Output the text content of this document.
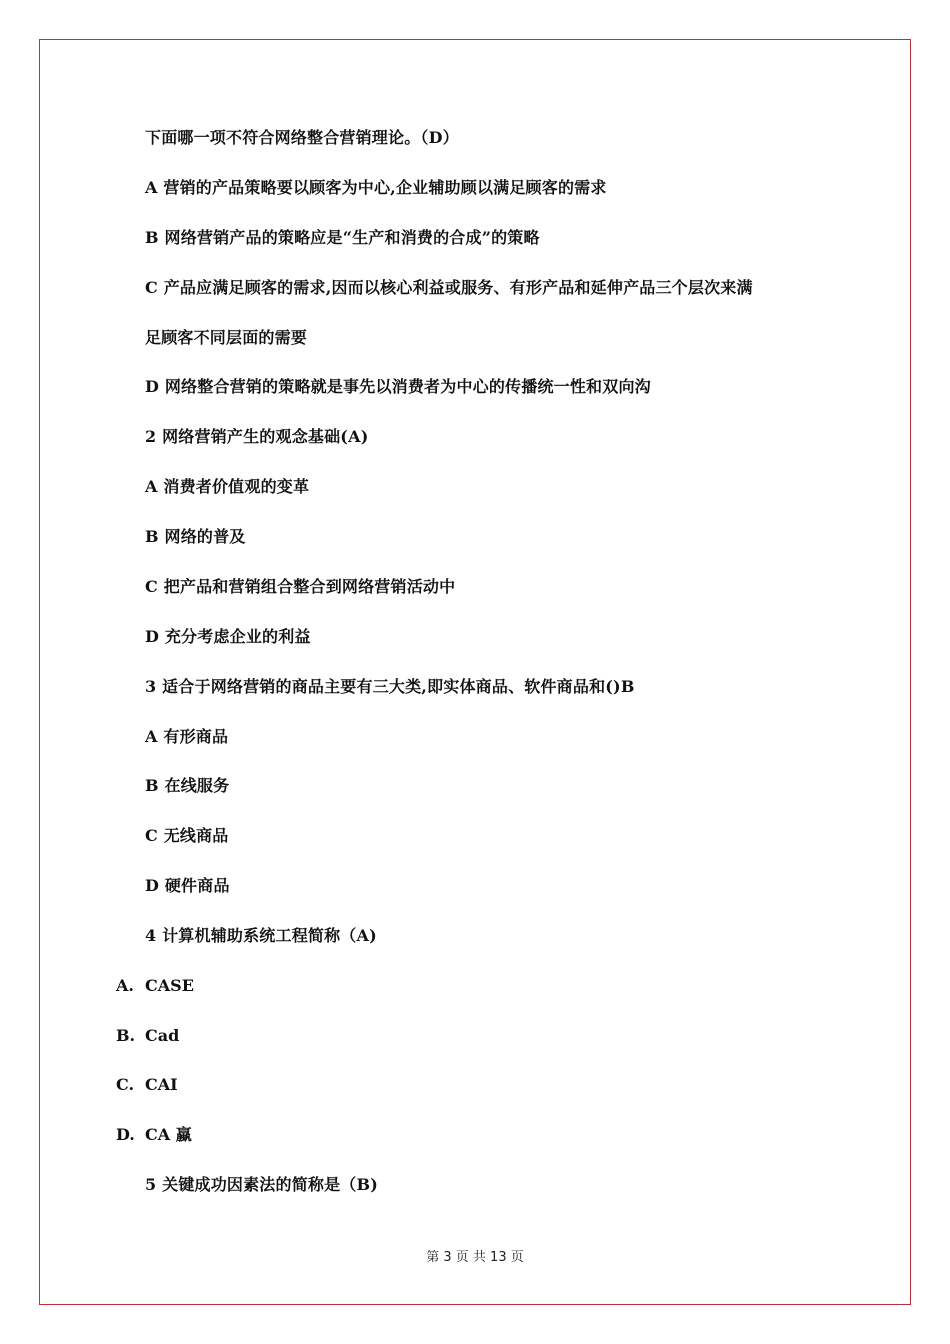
下面哪一项不符合网络整合营销理论。（D）
A 营销的产品策略要以顾客为中心,企业辅助顾以满足顾客的需求
B 网络营销产品的策略应是“生产和消费的合成”的策略
C 产品应满足顾客的需求,因而以核心利益或服务、有形产品和延伸产品三个层次来满
足顾客不同层面的需要
D 网络整合营销的策略就是事先以消费者为中心的传播统一性和双向沟
2 网络营销产生的观念基础(A)
A 消费者价值观的变革
B 网络的普及
C 把产品和营销组合整合到网络营销活动中
D 充分考虑企业的利益
3 适合于网络营销的商品主要有三大类,即实体商品、软件商品和()B
A 有形商品
B 在线服务
C 无线商品
D 硬件商品
4 计算机辅助系统工程简称（A)
A. CASE
B. Cad
C. CAI
D. CA 蠃
5 关键成功因素法的简称是（B)
第 3 页 共 13 页
